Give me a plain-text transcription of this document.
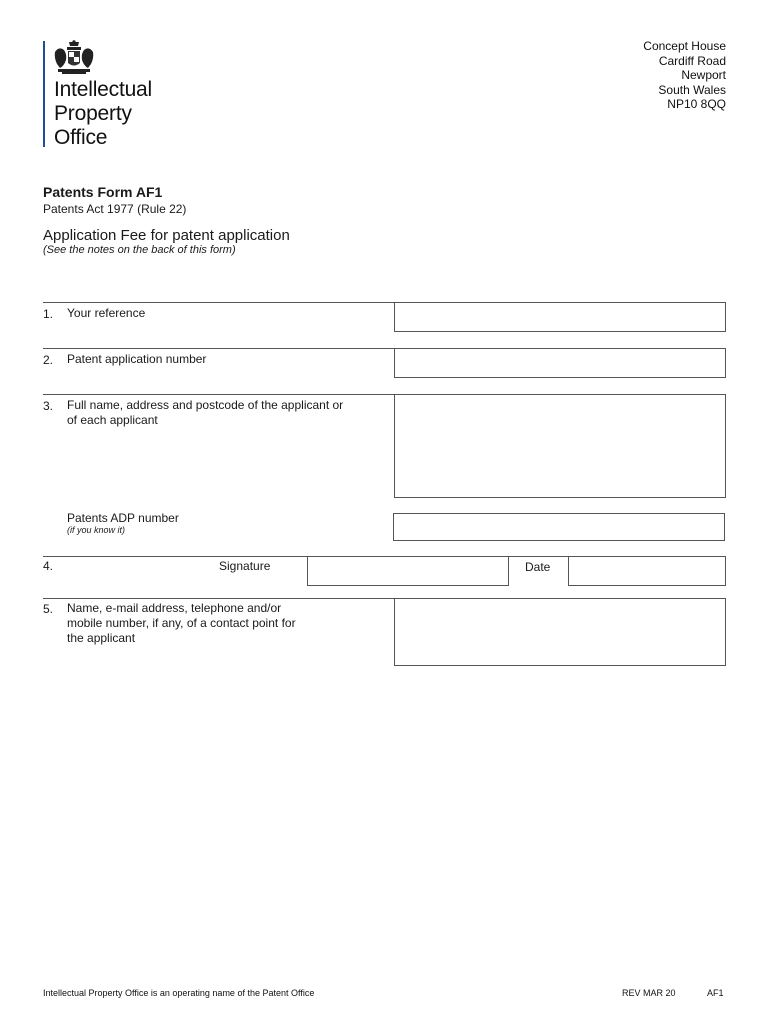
Intellectual
Property
Office
Concept House
Cardiff Road
Newport
South Wales
NP10 8QQ
Patents Form AF1
Patents Act 1977 (Rule 22)
Application Fee for patent application
(See the notes on the back of this form)
1. Your reference
2. Patent application number
3. Full name, address and postcode of the applicant or
of each applicant
Patents ADP number
(if you know it)
4.	Signature	Date
5. Name, e-mail address, telephone and/or
mobile number, if any, of a contact point for
the applicant
Intellectual Property Office is an operating name of the Patent Office	REV MAR 20	AF1
